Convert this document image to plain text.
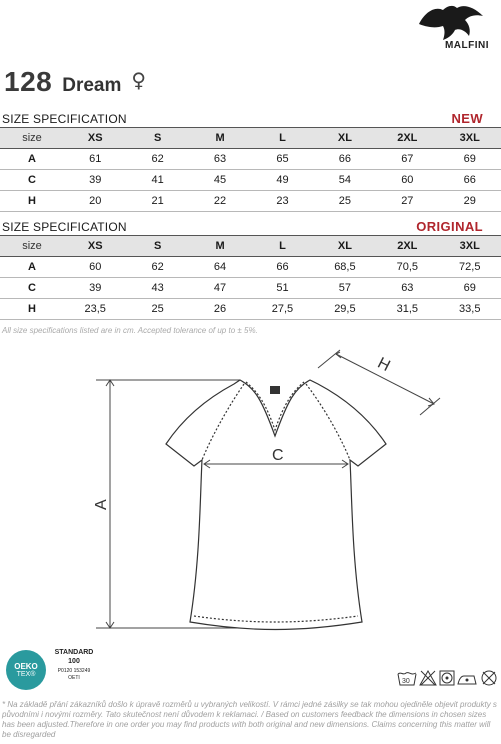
MALFINI
128 Dream ♀
SIZE SPECIFICATION	NEW
size	XS	S	M	L	XL	2XL	3XL
A	61	62	63	65	66	67	69
C	39	41	45	49	54	60	66
H	20	21	22	23	25	27	29
SIZE SPECIFICATION	ORIGINAL
size	XS	S	M	L	XL	2XL	3XL
A	60	62	64	66	68,5	70,5	72,5
C	39	43	47	51	57	63	69
H	23,5	25	26	27,5	29,5	31,5	33,5
All size specifications listed are in cm. Accepted tolerance of up to ± 5%.
A
H
C
OEKO
TEX®
STANDARD
100
P0120 153249
OETI	30
* Na základě přání zákazníků došlo k úpravě rozměrů u vybraných velikostí. V rámci jedné zásilky se tak mohou ojediněle objevit produkty s původními i novými rozměry. Tato skutečnost není důvodem k reklamaci. / Based on customers feedback the dimensions in chosen sizes has been adjusted.Therefore in one order you may find products with both original and new dimensions. Claims concerning this matter will be disregarded
